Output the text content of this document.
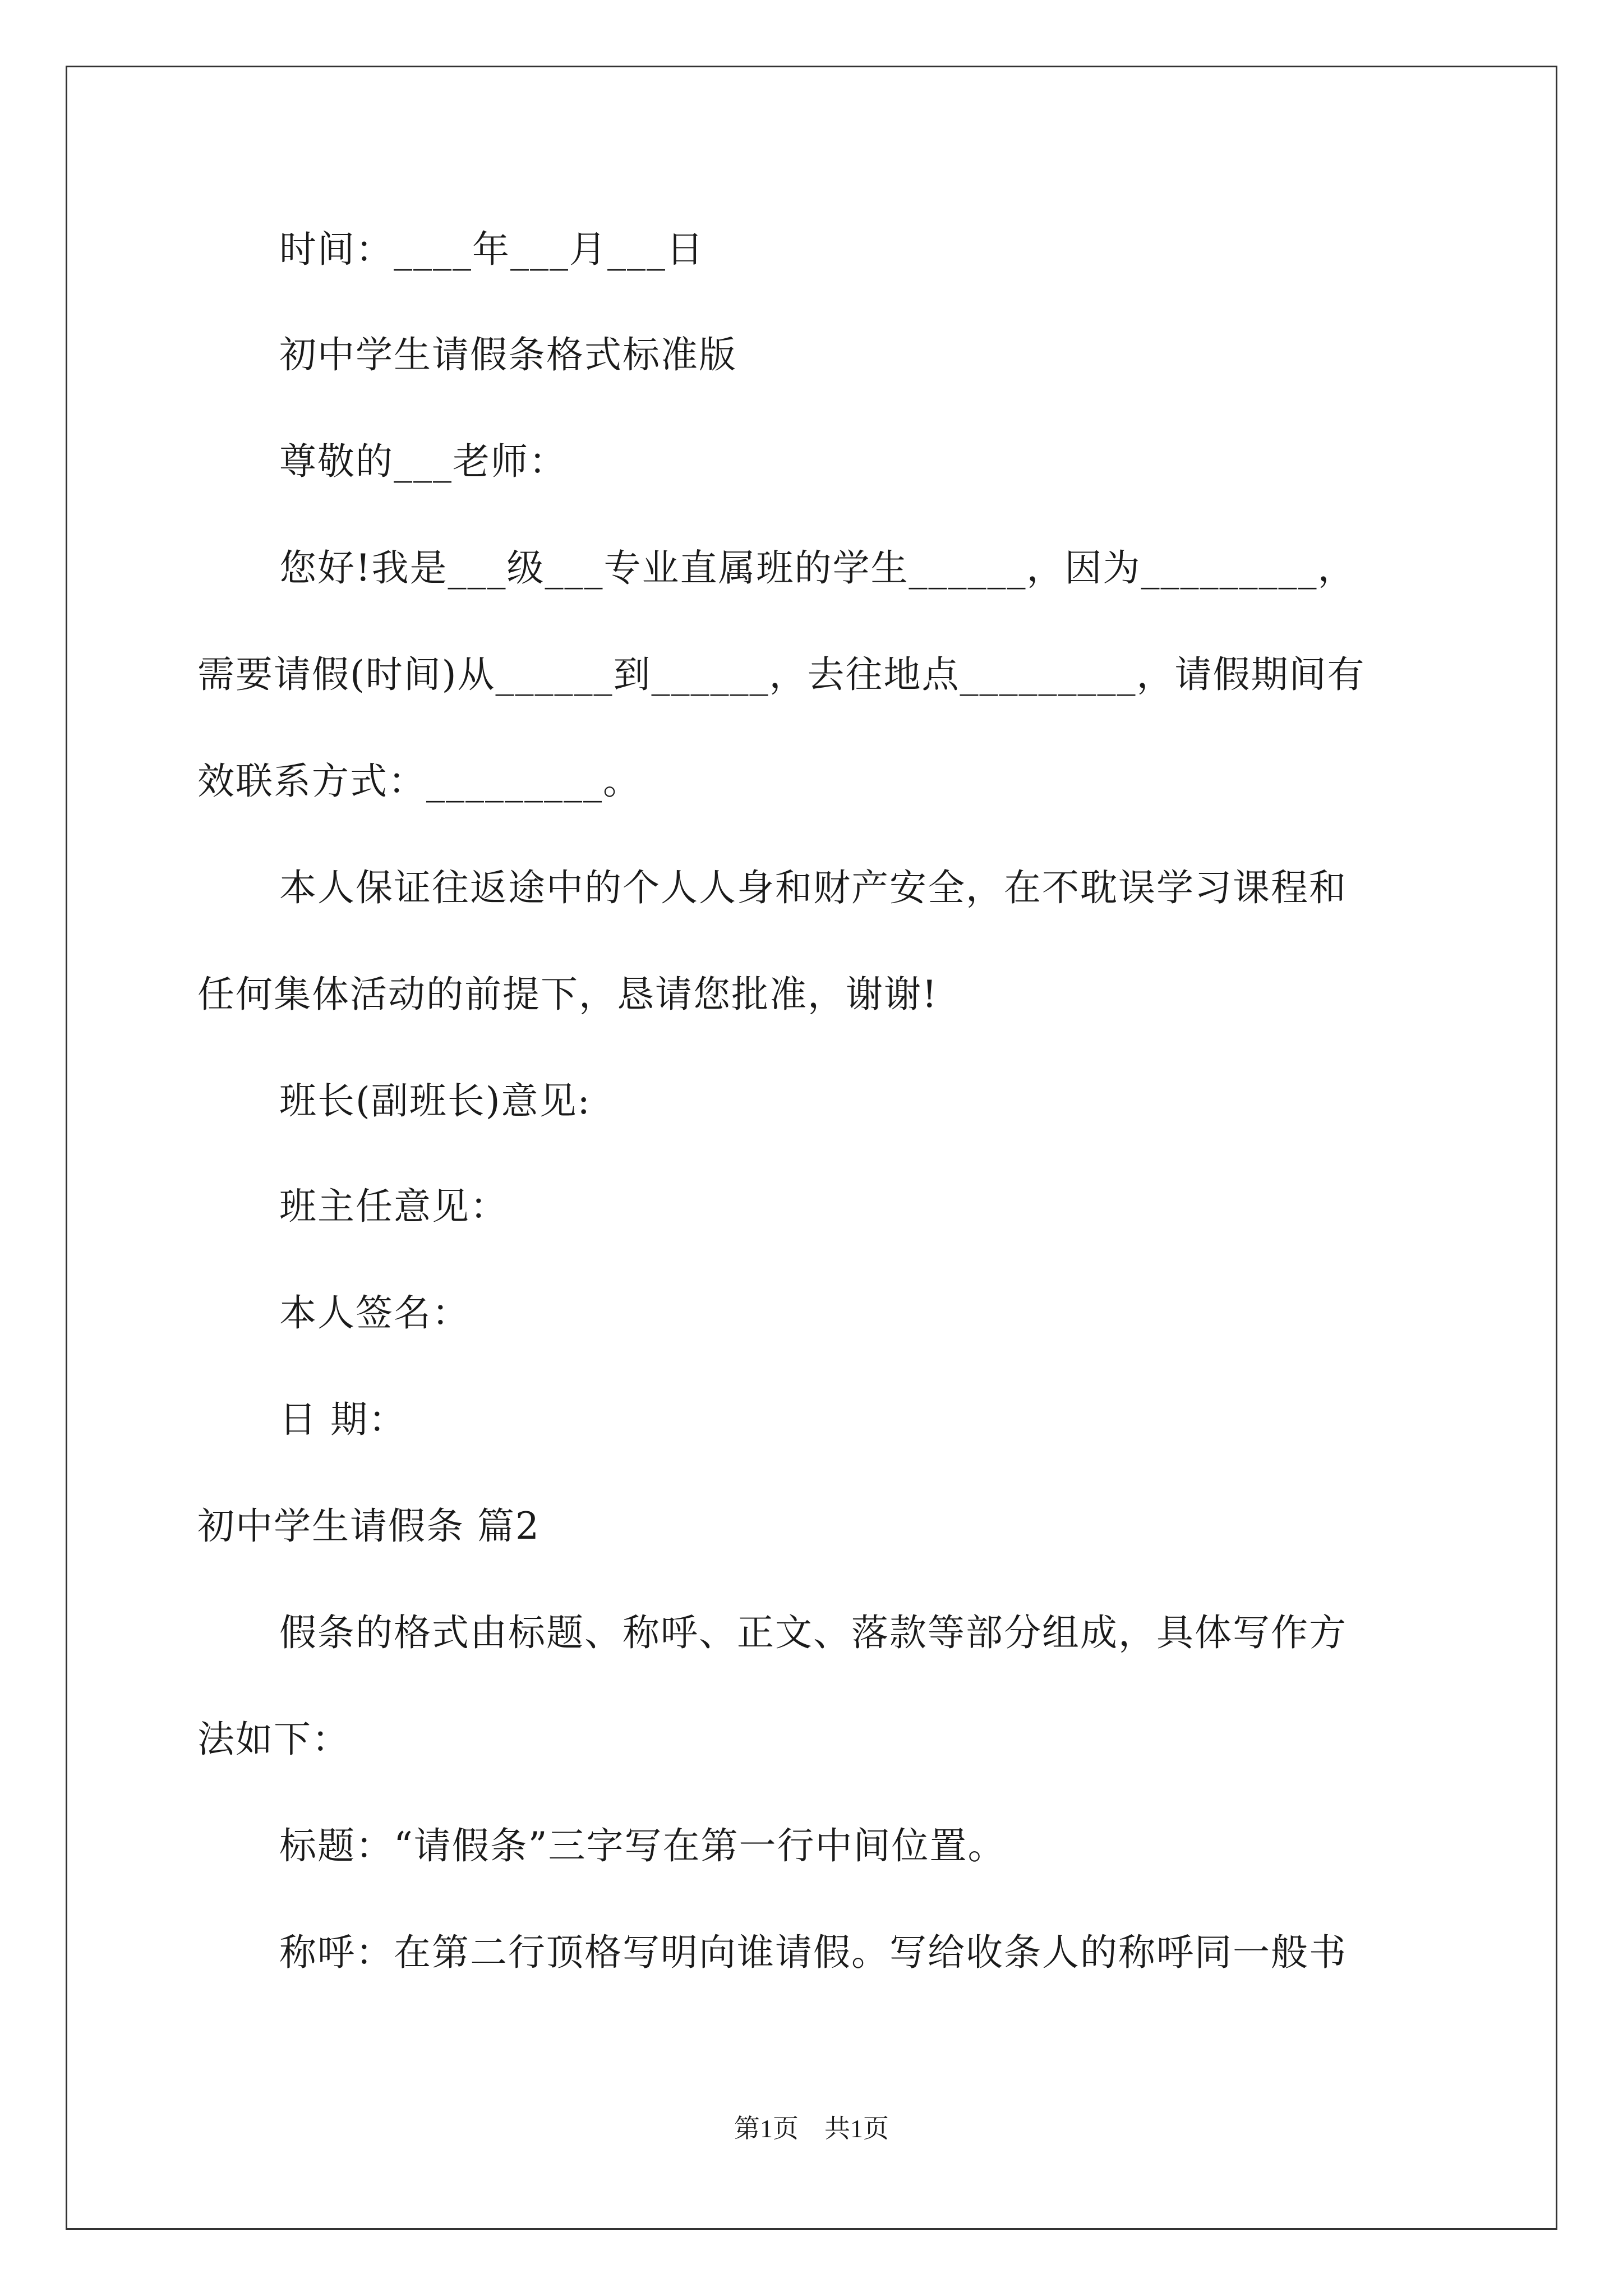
时间：____年___月___日
初中学生请假条格式标准版
尊敬的___老师：
您好!我是___级___专业直属班的学生______，因为_________，
需要请假(时间)从______到______，去往地点_________，请假期间有
效联系方式：_________。
本人保证往返途中的个人人身和财产安全，在不耽误学习课程和
任何集体活动的前提下，恳请您批准，谢谢!
班长(副班长)意见:
班主任意见：
本人签名：
日 期：
初中学生请假条 篇2
假条的格式由标题、称呼、正文、落款等部分组成，具体写作方
法如下：
标题：“请假条”三字写在第一行中间位置。
称呼：在第二行顶格写明向谁请假。写给收条人的称呼同一般书
第1页　共1页
